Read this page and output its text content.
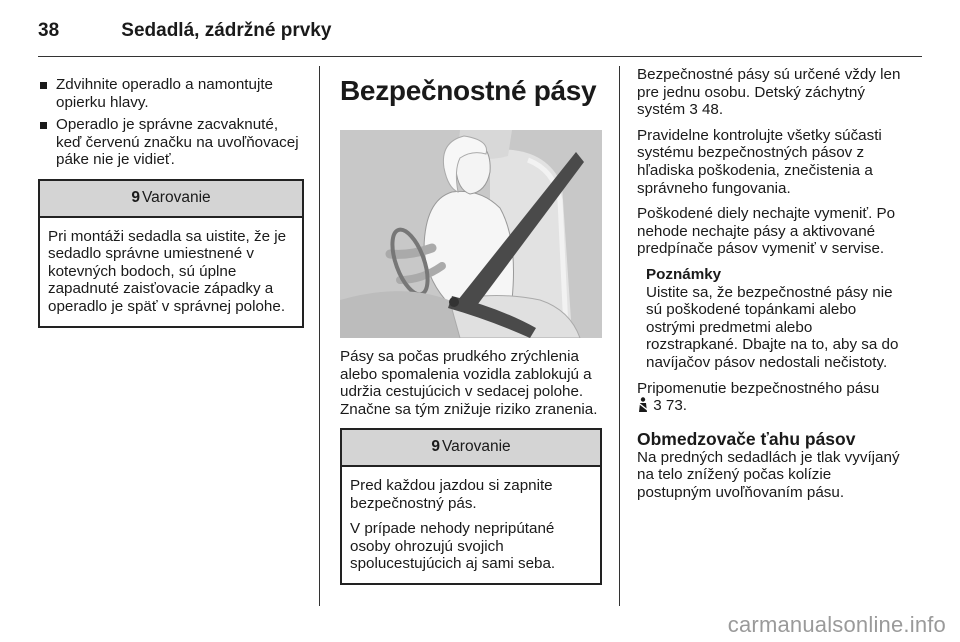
38	Sedadlá, zádržné prvky
Zdvihnite operadlo a namontujte opierku hlavy.
Operadlo je správne zacvaknuté, keď červenú značku na uvoľňovacej páke nie je vidieť.
9 Varovanie

Pri montáži sedadla sa uistite, že je sedadlo správne umiestnené v kotevných bodoch, sú úplne zapadnuté zaisťovacie západky a operadlo je späť v správnej polohe.

Bezpečnostné pásy

Pásy sa počas prudkého zrýchlenia alebo spomalenia vozidla zablokujú a udržia cestujúcich v sedacej polohe. Značne sa tým znižuje riziko zranenia.

9 Varovanie

Pred každou jazdou si zapnite bezpečnostný pás.

V prípade nehody nepripútané osoby ohrozujú svojich spolucestujúcich aj sami seba.

Bezpečnostné pásy sú určené vždy len pre jednu osobu. Detský záchytný systém 3 48.

Pravidelne kontrolujte všetky súčasti systému bezpečnostných pásov z hľadiska poškodenia, znečistenia a správneho fungovania.

Poškodené diely nechajte vymeniť. Po nehode nechajte pásy a aktivované predpínače pásov vymeniť v servise.

Poznámky
Uistite sa, že bezpečnostné pásy nie sú poškodené topánkami alebo ostrými predmetmi alebo rozstrapkané. Dbajte na to, aby sa do navíjačov pásov nedostali nečistoty.

Pripomenutie bezpečnostného pásu
3 73.

Obmedzovače ťahu pásov

Na predných sedadlách je tlak vyvíjaný na telo znížený počas kolízie postupným uvoľňovaním pásu.

carmanualsonline.info
